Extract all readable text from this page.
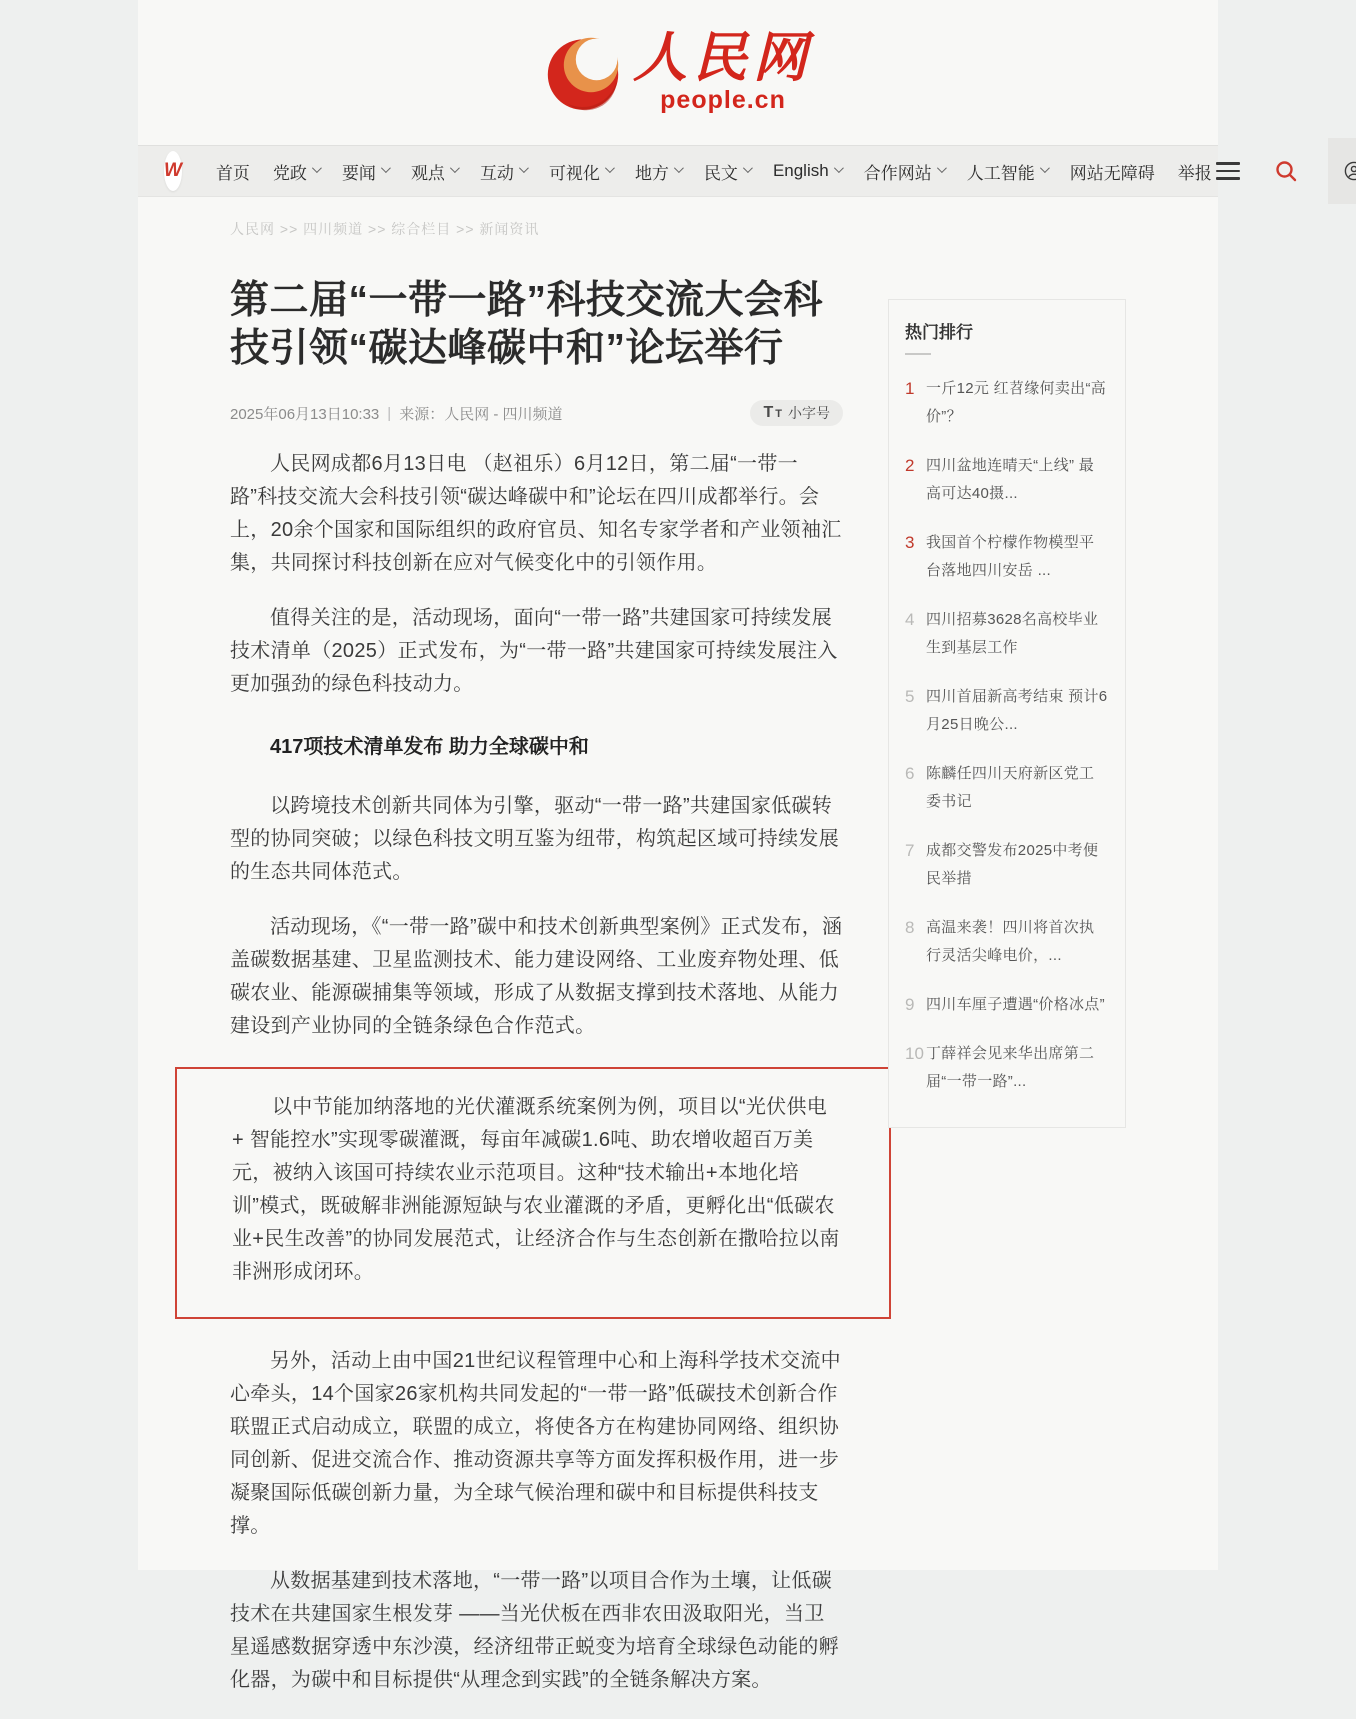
人民网
people.cn
W 首页 党政 要闻 观点 互动 可视化 地方 民文 English 合作网站 人工智能 网站无障碍 举报
人民网 >> 四川频道 >> 综合栏目 >> 新闻资讯
第二届“一带一路”科技交流大会科技引领“碳达峰碳中和”论坛举行
2025年06月13日10:33 | 来源： 人民网 - 四川频道	T T 小字号

人民网成都6月13日电 （赵祖乐）6月12日，第二届“一带一路”科技交流大会科技引领“碳达峰碳中和”论坛在四川成都举行。会上，20余个国家和国际组织的政府官员、知名专家学者和产业领袖汇集，共同探讨科技创新在应对气候变化中的引领作用。

值得关注的是，活动现场，面向“一带一路”共建国家可持续发展技术清单（2025）正式发布，为“一带一路”共建国家可持续发展注入更加强劲的绿色科技动力。

417项技术清单发布 助力全球碳中和

以跨境技术创新共同体为引擎，驱动“一带一路”共建国家低碳转型的协同突破；以绿色科技文明互鉴为纽带，构筑起区域可持续发展的生态共同体范式。

活动现场，《“一带一路”碳中和技术创新典型案例》正式发布，涵盖碳数据基建、卫星监测技术、能力建设网络、工业废弃物处理、低碳农业、能源碳捕集等领域，形成了从数据支撑到技术落地、从能力建设到产业协同的全链条绿色合作范式。

以中节能加纳落地的光伏灌溉系统案例为例，项目以“光伏供电 + 智能控水”实现零碳灌溉，每亩年减碳1.6吨、助农增收超百万美元，被纳入该国可持续农业示范项目。这种“技术输出+本地化培训”模式，既破解非洲能源短缺与农业灌溉的矛盾，更孵化出“低碳农业+民生改善”的协同发展范式，让经济合作与生态创新在撒哈拉以南非洲形成闭环。

另外，活动上由中国21世纪议程管理中心和上海科学技术交流中心牵头，14个国家26家机构共同发起的“一带一路”低碳技术创新合作联盟正式启动成立，联盟的成立，将使各方在构建协同网络、组织协同创新、促进交流合作、推动资源共享等方面发挥积极作用，进一步凝聚国际低碳创新力量，为全球气候治理和碳中和目标提供科技支撑。

从数据基建到技术落地，“一带一路”以项目合作为土壤，让低碳技术在共建国家生根发芽 ——当光伏板在西非农田汲取阳光，当卫星遥感数据穿透中东沙漠，经济纽带正蜕变为培育全球绿色动能的孵化器，为碳中和目标提供“从理念到实践”的全链条解决方案。

热门排行
1 一斤12元 红苕缘何卖出“高价”？
2 四川盆地连晴天“上线” 最高可达40摄...
3 我国首个柠檬作物模型平台落地四川安岳 ...
4 四川招募3628名高校毕业生到基层工作
5 四川首届新高考结束 预计6月25日晚公...
6 陈麟任四川天府新区党工委书记
7 成都交警发布2025中考便民举措
8 高温来袭！四川将首次执行灵活尖峰电价，...
9 四川车厘子遭遇“价格冰点”
10 丁薛祥会见来华出席第二届“一带一路”...
